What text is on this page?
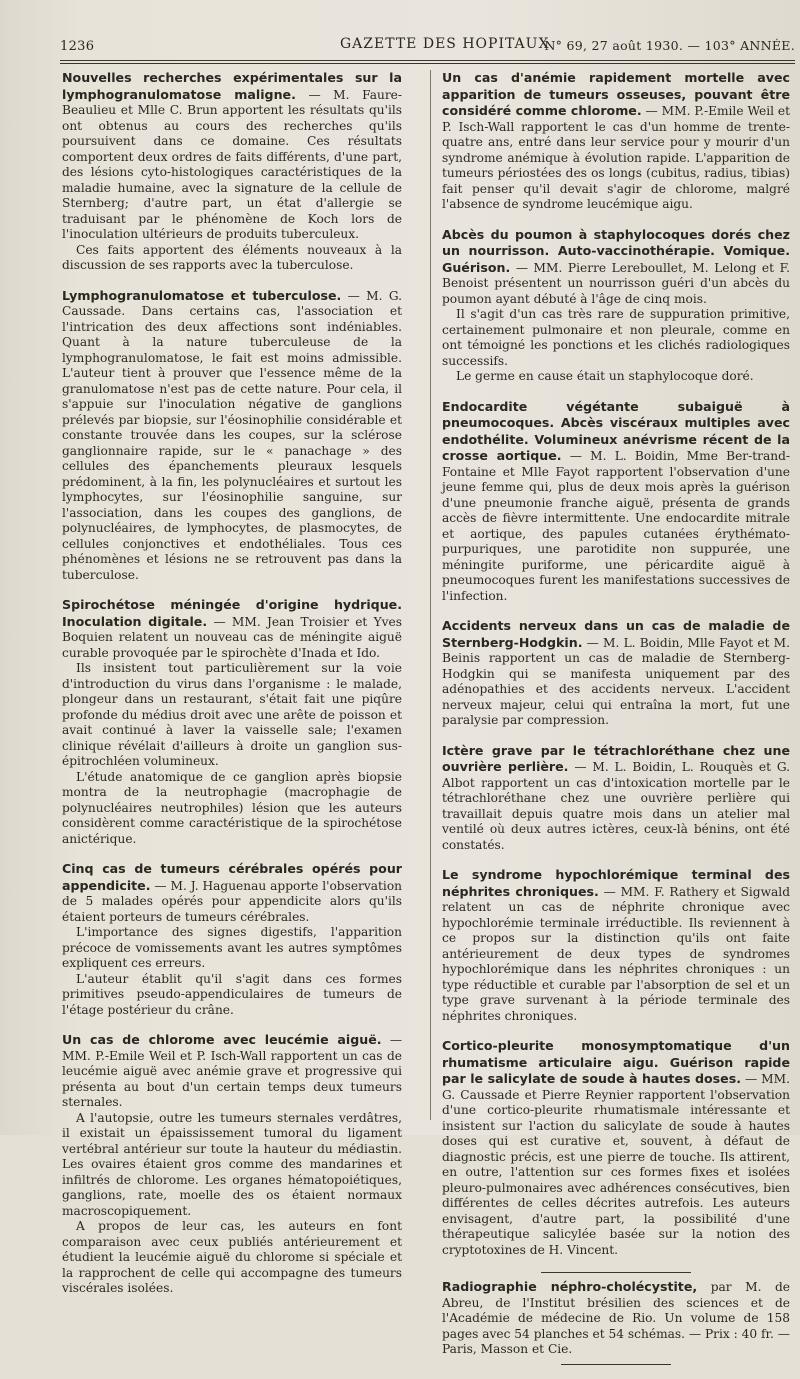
1236	GAZETTE DES HOPITAUX
N° 69, 27 août 1930. — 103° ANNÉE.

Nouvelles recherches expérimentales sur la lymphogranulomatose maligne. — M. Faure-Beaulieu et Mlle C. Brun apportent les résultats qu'ils ont obtenus au cours des recherches qu'ils poursuivent dans ce domaine. Ces résultats comportent deux ordres de faits différents, d'une part, des lésions cyto-histologiques caractéristiques de la maladie humaine, avec la signature de la cellule de Sternberg; d'autre part, un état d'allergie se traduisant par le phénomène de Koch lors de l'inoculation ultérieurs de produits tuberculeux.

Ces faits apportent des éléments nouveaux à la discussion de ses rapports avec la tuberculose.

Lymphogranulomatose et tuberculose. — M. G. Caussade. Dans certains cas, l'association et l'intrication des deux affections sont indéniables. Quant à la nature tuberculeuse de la lymphogranulomatose, le fait est moins admissible. L'auteur tient à prouver que l'essence même de la granulomatose n'est pas de cette nature. Pour cela, il s'appuie sur l'inoculation négative de ganglions prélevés par biopsie, sur l'éosinophilie considérable et constante trouvée dans les coupes, sur la sclérose ganglionnaire rapide, sur le « panachage » des cellules des épanchements pleuraux lesquels prédominent, à la fin, les polynucléaires et surtout les lymphocytes, sur l'éosinophilie sanguine, sur l'association, dans les coupes des ganglions, de polynucléaires, de lymphocytes, de plasmocytes, de cellules conjonctives et endothéliales. Tous ces phénomènes et lésions ne se retrouvent pas dans la tuberculose.

Spirochétose méningée d'origine hydrique. Inoculation digitale. — MM. Jean Troisier et Yves Boquien relatent un nouveau cas de méningite aiguë curable provoquée par le spirochète d'Inada et Ido.

Ils insistent tout particulièrement sur la voie d'introduction du virus dans l'organisme : le malade, plongeur dans un restaurant, s'était fait une piqûre profonde du médius droit avec une arête de poisson et avait continué à laver la vaisselle sale; l'examen clinique révélait d'ailleurs à droite un ganglion sus-épitrochléen volumineux.

L'étude anatomique de ce ganglion après biopsie montra de la neutrophagie (macrophagie de polynucléaires neutrophiles) lésion que les auteurs considèrent comme caractéristique de la spirochétose anictérique.

Cinq cas de tumeurs cérébrales opérés pour appendicite. — M. J. Haguenau apporte l'observation de 5 malades opérés pour appendicite alors qu'ils étaient porteurs de tumeurs cérébrales.

L'importance des signes digestifs, l'apparition précoce de vomissements avant les autres symptômes expliquent ces erreurs.

L'auteur établit qu'il s'agit dans ces formes primitives pseudo-appendiculaires de tumeurs de l'étage postérieur du crâne.

Un cas de chlorome avec leucémie aiguë. — MM. P.-Emile Weil et P. Isch-Wall rapportent un cas de leucémie aiguë avec anémie grave et progressive qui présenta au bout d'un certain temps deux tumeurs sternales.

A l'autopsie, outre les tumeurs sternales verdâtres, il existait un épaississement tumoral du ligament vertébral antérieur sur toute la hauteur du médiastin. Les ovaires étaient gros comme des mandarines et infiltrés de chlorome. Les organes hématopoiétiques, ganglions, rate, moelle des os étaient normaux macroscopiquement.

A propos de leur cas, les auteurs en font comparaison avec ceux publiés antérieurement et étudient la leucémie aiguë du chlorome si spéciale et la rapprochent de celle qui accompagne des tumeurs viscérales isolées.

Un cas d'anémie rapidement mortelle avec apparition de tumeurs osseuses, pouvant être considéré comme chlorome. — MM. P.-Emile Weil et P. Isch-Wall rapportent le cas d'un homme de trente-quatre ans, entré dans leur service pour y mourir d'un syndrome anémique à évolution rapide. L'apparition de tumeurs périostées des os longs (cubitus, radius, tibias) fait penser qu'il devait s'agir de chlorome, malgré l'absence de syndrome leucémique aigu.

Abcès du poumon à staphylocoques dorés chez un nourrisson. Auto-vaccinothérapie. Vomique. Guérison. — MM. Pierre Lereboullet, M. Lelong et F. Benoist présentent un nourrisson guéri d'un abcès du poumon ayant débuté à l'âge de cinq mois.

Il s'agit d'un cas très rare de suppuration primitive, certainement pulmonaire et non pleurale, comme en ont témoigné les ponctions et les clichés radiologiques successifs.

Le germe en cause était un staphylocoque doré.

Endocardite végétante subaiguë à pneumocoques. Abcès viscéraux multiples avec endothélite. Volumineux anévrisme récent de la crosse aortique. — M. L. Boidin, Mme Ber-trand-Fontaine et Mlle Fayot rapportent l'observation d'une jeune femme qui, plus de deux mois après la guérison d'une pneumonie franche aiguë, présenta de grands accès de fièvre intermittente. Une endocardite mitrale et aortique, des papules cutanées érythémato-purpuriques, une parotidite non suppurée, une méningite puriforme, une péricardite aiguë à pneumocoques furent les manifestations successives de l'infection.

Accidents nerveux dans un cas de maladie de Sternberg-Hodgkin. — M. L. Boidin, Mlle Fayot et M. Beinis rapportent un cas de maladie de Sternberg-Hodgkin qui se manifesta uniquement par des adénopathies et des accidents nerveux. L'accident nerveux majeur, celui qui entraîna la mort, fut une paralysie par compression.

Ictère grave par le tétrachloréthane chez une ouvrière perlière. — M. L. Boidin, L. Rouquès et G. Albot rapportent un cas d'intoxication mortelle par le tétrachloréthane chez une ouvrière perlière qui travaillait depuis quatre mois dans un atelier mal ventilé où deux autres ictères, ceux-là bénins, ont été constatés.

Le syndrome hypochlorémique terminal des néphrites chroniques. — MM. F. Rathery et Sigwald relatent un cas de néphrite chronique avec hypochlorémie terminale irréductible. Ils reviennent à ce propos sur la distinction qu'ils ont faite antérieurement de deux types de syndromes hypochlorémique dans les néphrites chroniques : un type réductible et curable par l'absorption de sel et un type grave survenant à la période terminale des néphrites chroniques.

Cortico-pleurite monosymptomatique d'un rhumatisme articulaire aigu. Guérison rapide par le salicylate de soude à hautes doses. — MM. G. Caussade et Pierre Reynier rapportent l'observation d'une cortico-pleurite rhumatismale intéressante et insistent sur l'action du salicylate de soude à hautes doses qui est curative et, souvent, à défaut de diagnostic précis, est une pierre de touche. Ils attirent, en outre, l'attention sur ces formes fixes et isolées pleuro-pulmonaires avec adhérences consécutives, bien différentes de celles décrites autrefois. Les auteurs envisagent, d'autre part, la possibilité d'une thérapeutique salicylée basée sur la notion des cryptotoxines de H. Vincent.

Radiographie néphro-cholécystite, par M. de Abreu, de l'Institut brésilien des sciences et de l'Académie de médecine de Rio. Un volume de 158 pages avec 54 planches et 54 schémas. — Prix : 40 fr. — Paris, Masson et Cie.
